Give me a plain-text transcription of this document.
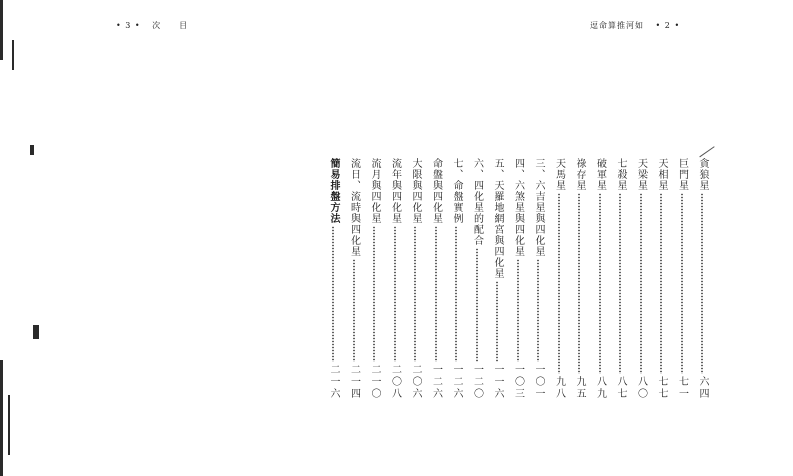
• 3 • 次　　目	逗命算推河如 • 2 •
貪狼星
六四
巨門星
七一
天相星
七七
天梁星
八〇
七殺星
八七
破軍星
八九
祿存星
九五
天馬星
九八
三、六吉星與四化星
一〇一
四、六煞星與四化星
一〇三
五、天羅地網宮與四化星
一一六
六、四化星的配合
一二〇
七、命盤實例
一二六
命盤與四化星
一二六
大限與四化星
二〇六
流年與四化星
二〇八
流月與四化星
二一〇
流日、流時與四化星
二一四
簡易排盤方法
二一六
